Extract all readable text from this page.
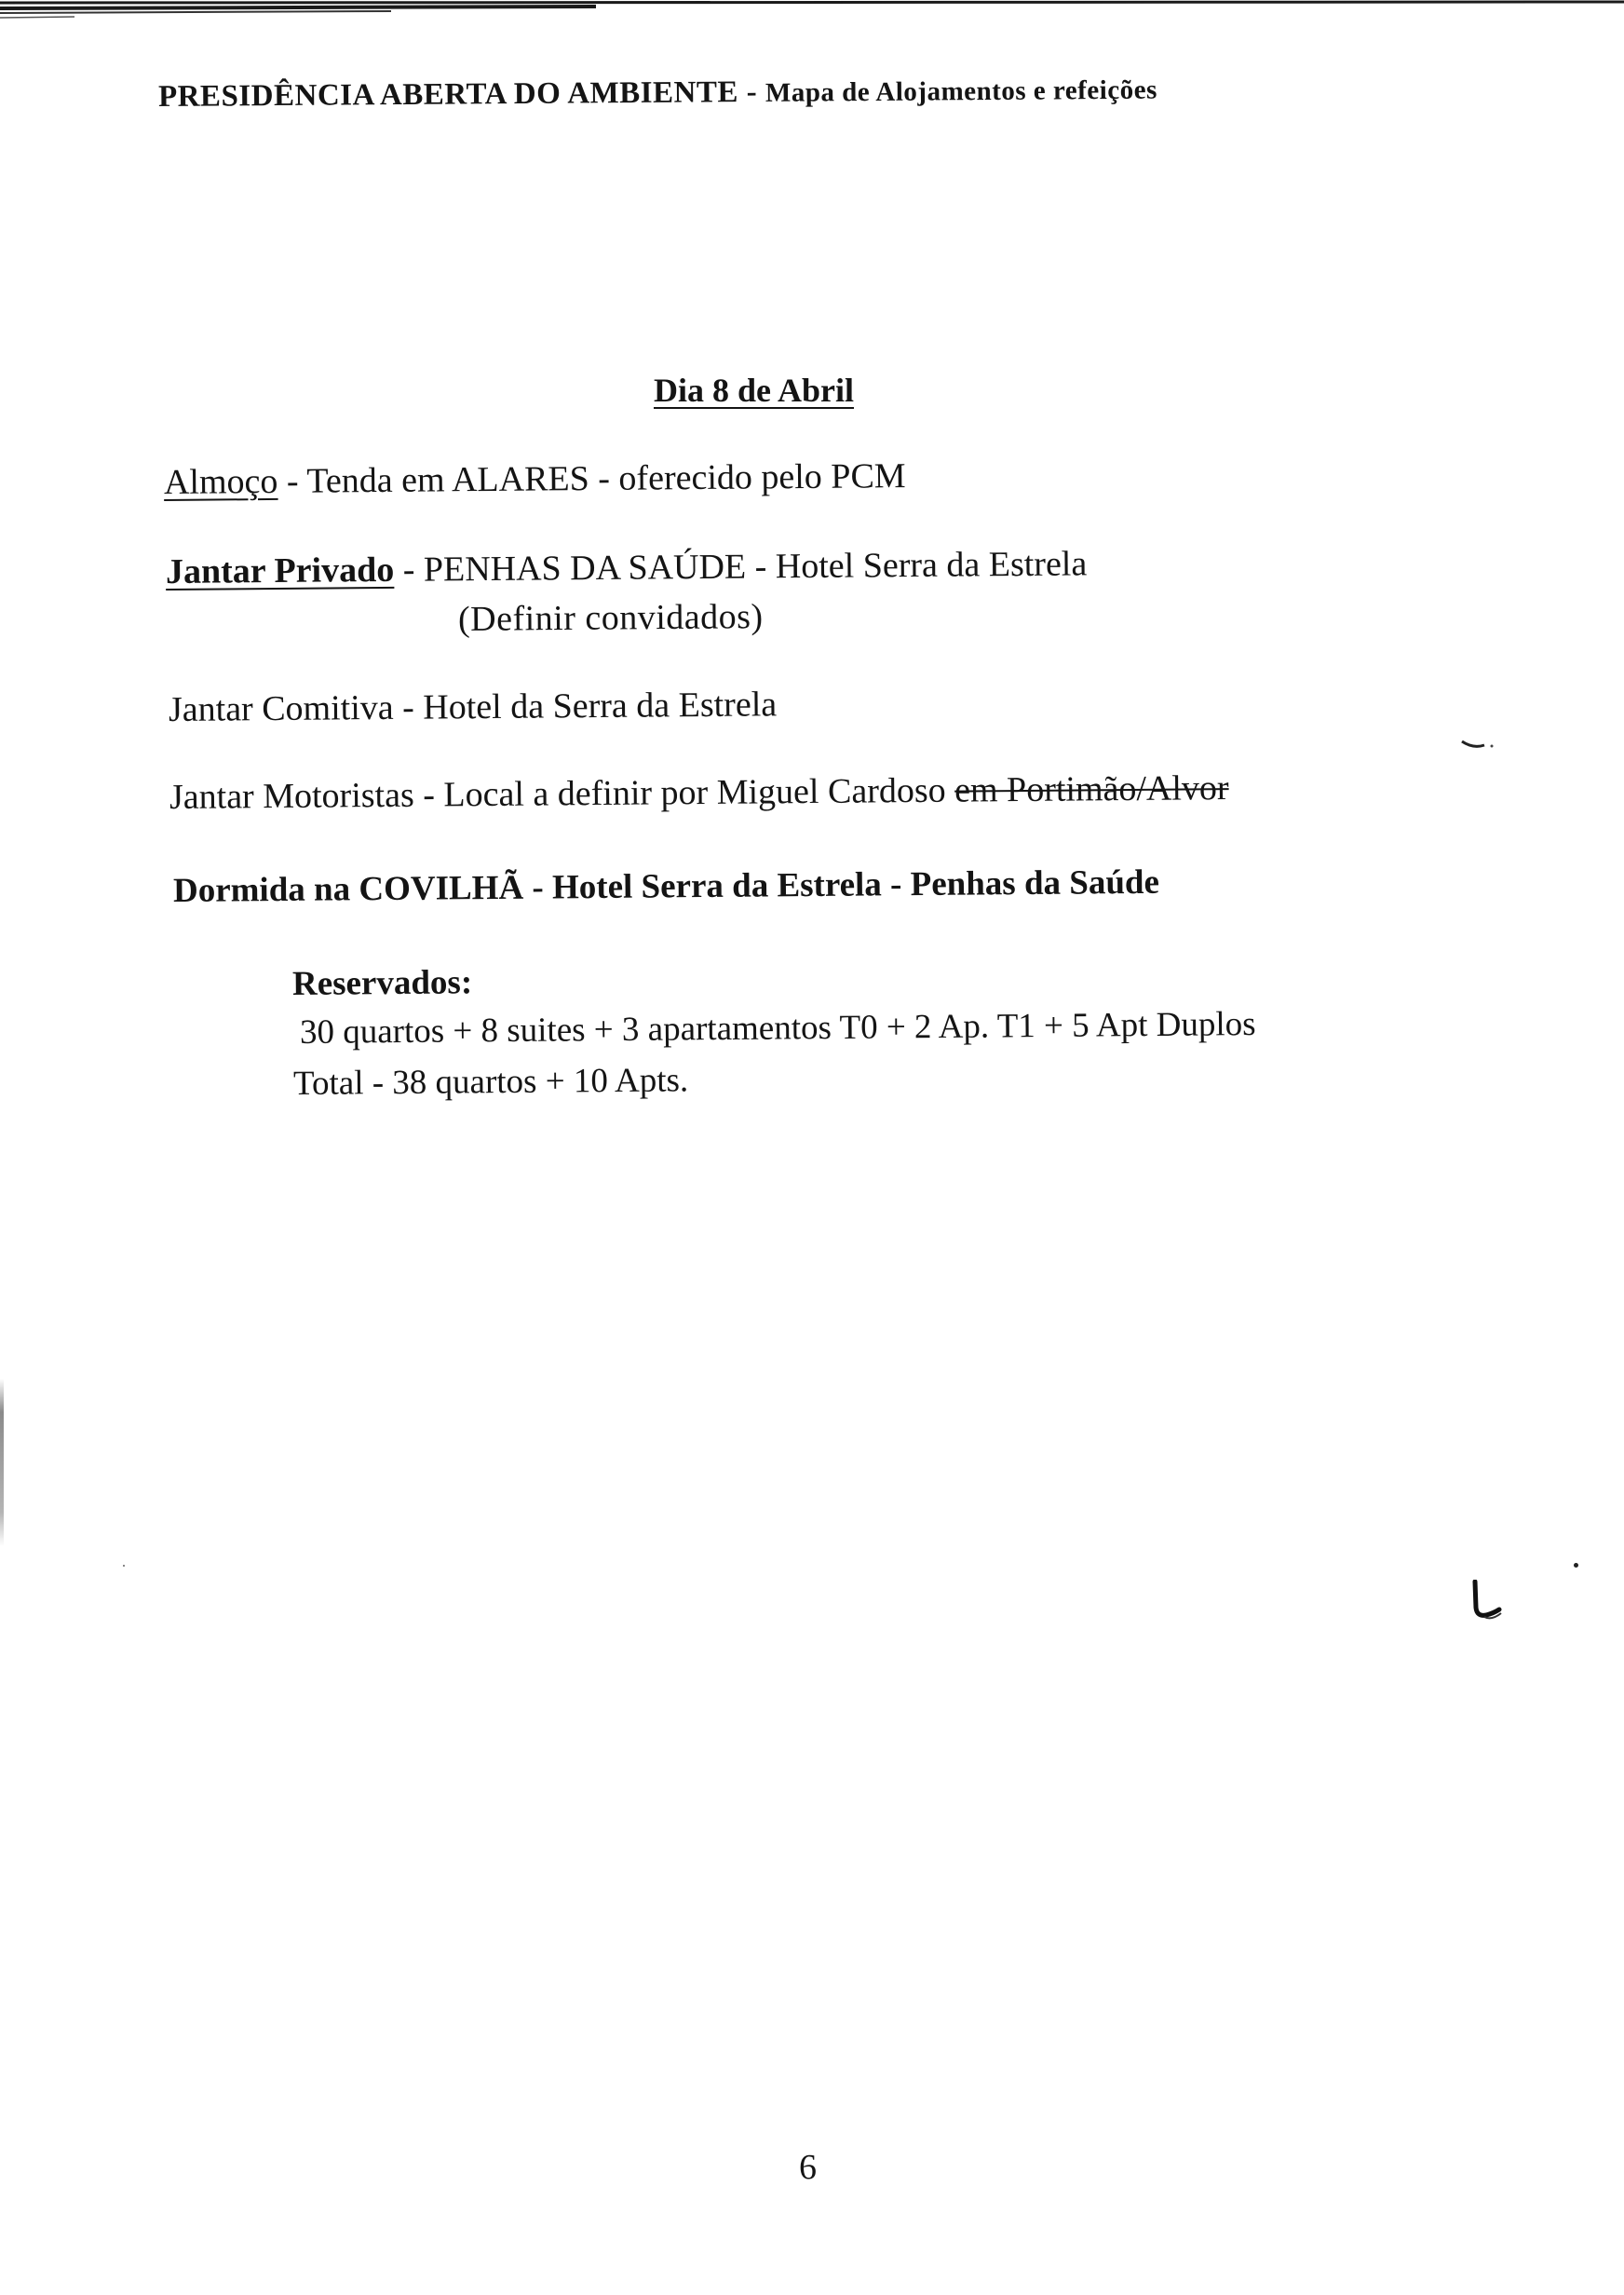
PRESIDÊNCIA ABERTA DO AMBIENTE - Mapa de Alojamentos e refeições
Dia 8 de Abril
Almoço - Tenda em ALARES - oferecido pelo PCM
Jantar Privado - PENHAS DA SAÚDE - Hotel Serra da Estrela
(Definir convidados)
Jantar Comitiva - Hotel da Serra da Estrela
Jantar Motoristas - Local a definir por Miguel Cardoso em Portimão/Alvor
Dormida na COVILHÃ - Hotel Serra da Estrela - Penhas da Saúde
Reservados:
30 quartos + 8 suites + 3 apartamentos T0 + 2 Ap. T1 + 5 Apt Duplos
Total - 38 quartos + 10 Apts.
6
